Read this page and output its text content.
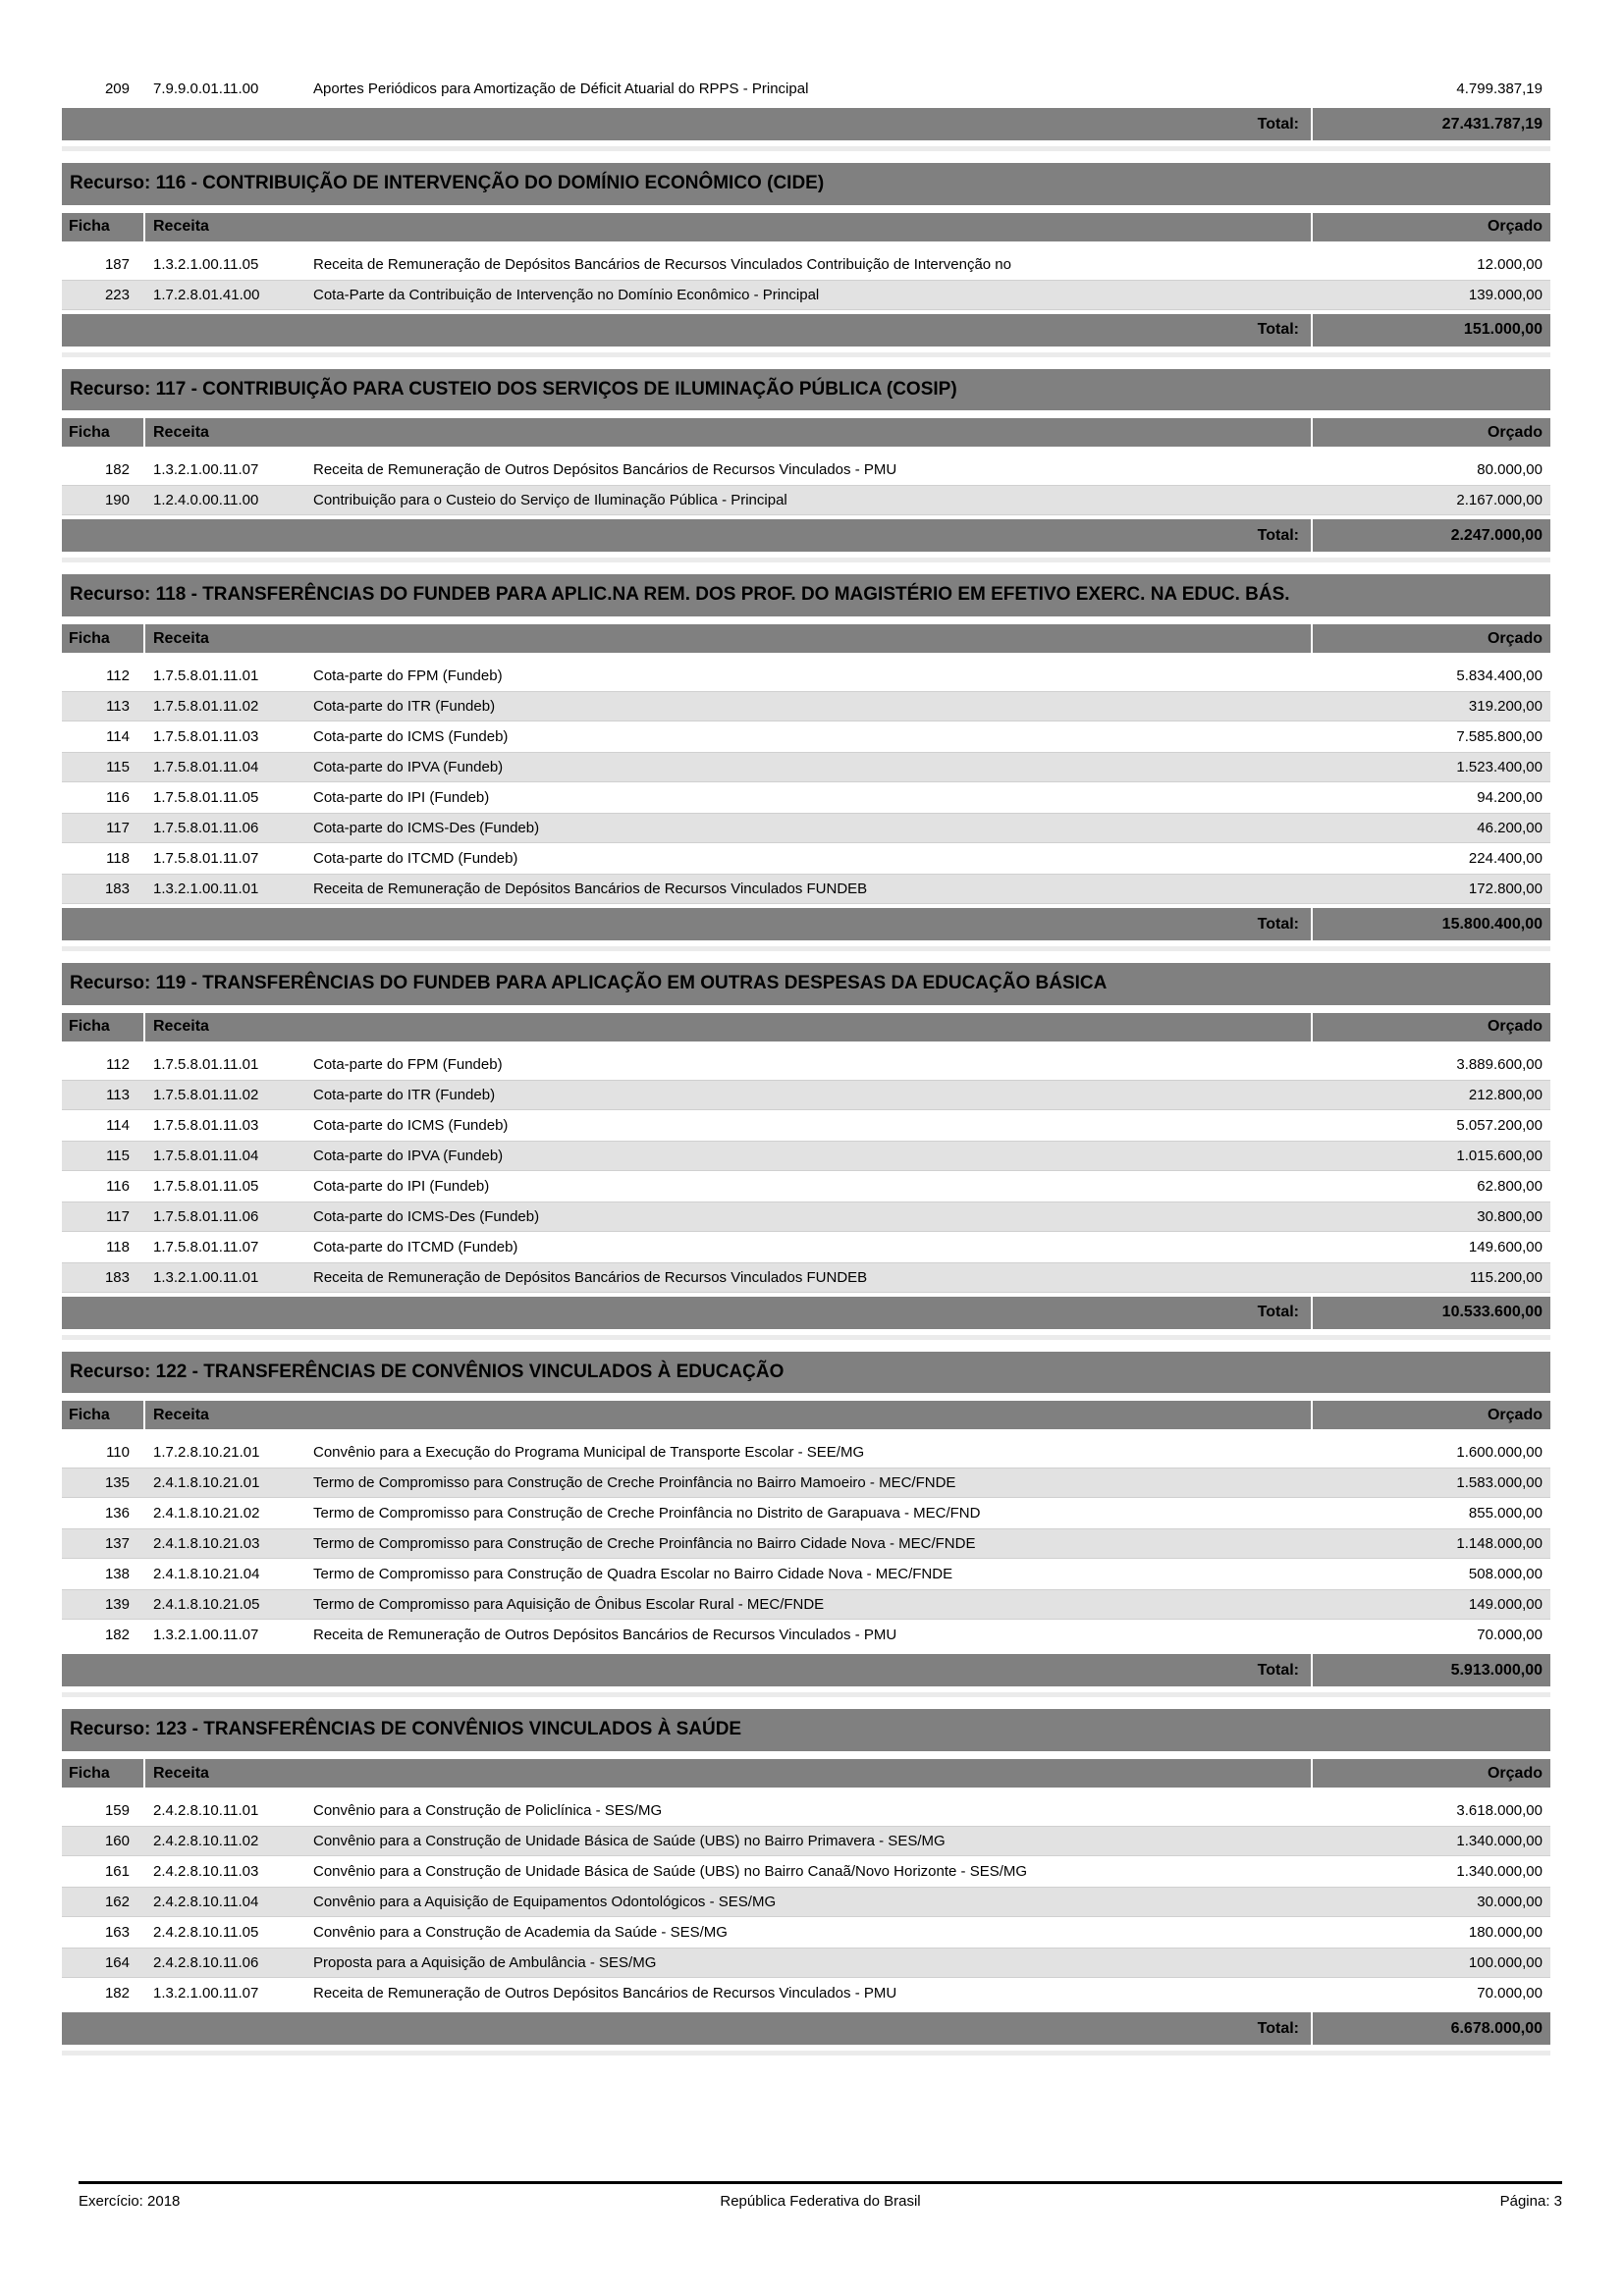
209	7.9.9.0.01.11.00	Aportes Periódicos para Amortização de Déficit Atuarial do RPPS - Principal	4.799.387,19
Total:	27.431.787,19
Recurso: 116 - CONTRIBUIÇÃO DE INTERVENÇÃO DO DOMÍNIO ECONÔMICO (CIDE)
Ficha	Receita	Orçado
187	1.3.2.1.00.11.05	Receita de Remuneração de Depósitos Bancários de Recursos Vinculados Contribuição de Intervenção no	12.000,00
223	1.7.2.8.01.41.00	Cota-Parte da Contribuição de Intervenção no Domínio Econômico - Principal	139.000,00
Total:	151.000,00
Recurso: 117 - CONTRIBUIÇÃO PARA CUSTEIO DOS SERVIÇOS DE ILUMINAÇÃO PÚBLICA (COSIP)
Ficha	Receita	Orçado
182	1.3.2.1.00.11.07	Receita de Remuneração de Outros Depósitos Bancários de Recursos Vinculados - PMU	80.000,00
190	1.2.4.0.00.11.00	Contribuição para o Custeio do Serviço de Iluminação Pública - Principal	2.167.000,00
Total:	2.247.000,00
Recurso: 118 - TRANSFERÊNCIAS DO FUNDEB PARA APLIC.NA REM. DOS PROF. DO MAGISTÉRIO EM EFETIVO EXERC. NA EDUC. BÁS.
Ficha	Receita	Orçado
112	1.7.5.8.01.11.01	Cota-parte do FPM (Fundeb)	5.834.400,00
113	1.7.5.8.01.11.02	Cota-parte do ITR (Fundeb)	319.200,00
114	1.7.5.8.01.11.03	Cota-parte do ICMS (Fundeb)	7.585.800,00
115	1.7.5.8.01.11.04	Cota-parte do IPVA (Fundeb)	1.523.400,00
116	1.7.5.8.01.11.05	Cota-parte do IPI (Fundeb)	94.200,00
117	1.7.5.8.01.11.06	Cota-parte do ICMS-Des (Fundeb)	46.200,00
118	1.7.5.8.01.11.07	Cota-parte do ITCMD (Fundeb)	224.400,00
183	1.3.2.1.00.11.01	Receita de Remuneração de Depósitos Bancários de Recursos Vinculados FUNDEB	172.800,00
Total:	15.800.400,00
Recurso: 119 - TRANSFERÊNCIAS DO FUNDEB PARA APLICAÇÃO EM OUTRAS DESPESAS DA EDUCAÇÃO BÁSICA
Ficha	Receita	Orçado
112	1.7.5.8.01.11.01	Cota-parte do FPM (Fundeb)	3.889.600,00
113	1.7.5.8.01.11.02	Cota-parte do ITR (Fundeb)	212.800,00
114	1.7.5.8.01.11.03	Cota-parte do ICMS (Fundeb)	5.057.200,00
115	1.7.5.8.01.11.04	Cota-parte do IPVA (Fundeb)	1.015.600,00
116	1.7.5.8.01.11.05	Cota-parte do IPI (Fundeb)	62.800,00
117	1.7.5.8.01.11.06	Cota-parte do ICMS-Des (Fundeb)	30.800,00
118	1.7.5.8.01.11.07	Cota-parte do ITCMD (Fundeb)	149.600,00
183	1.3.2.1.00.11.01	Receita de Remuneração de Depósitos Bancários de Recursos Vinculados FUNDEB	115.200,00
Total:	10.533.600,00
Recurso: 122 - TRANSFERÊNCIAS DE CONVÊNIOS VINCULADOS À EDUCAÇÃO
Ficha	Receita	Orçado
110	1.7.2.8.10.21.01	Convênio para a Execução do Programa Municipal de Transporte Escolar - SEE/MG	1.600.000,00
135	2.4.1.8.10.21.01	Termo de Compromisso para Construção de Creche Proinfância no Bairro Mamoeiro - MEC/FNDE	1.583.000,00
136	2.4.1.8.10.21.02	Termo de Compromisso para Construção de Creche Proinfância no Distrito de Garapuava - MEC/FND	855.000,00
137	2.4.1.8.10.21.03	Termo de Compromisso para Construção de Creche Proinfância no Bairro Cidade Nova - MEC/FNDE	1.148.000,00
138	2.4.1.8.10.21.04	Termo de Compromisso para Construção de Quadra Escolar no Bairro Cidade Nova - MEC/FNDE	508.000,00
139	2.4.1.8.10.21.05	Termo de Compromisso para Aquisição de Ônibus Escolar Rural - MEC/FNDE	149.000,00
182	1.3.2.1.00.11.07	Receita de Remuneração de Outros Depósitos Bancários de Recursos Vinculados - PMU	70.000,00
Total:	5.913.000,00
Recurso: 123 - TRANSFERÊNCIAS DE CONVÊNIOS VINCULADOS À SAÚDE
Ficha	Receita	Orçado
159	2.4.2.8.10.11.01	Convênio para a Construção de Policlínica - SES/MG	3.618.000,00
160	2.4.2.8.10.11.02	Convênio para a Construção de Unidade Básica de Saúde (UBS) no Bairro Primavera - SES/MG	1.340.000,00
161	2.4.2.8.10.11.03	Convênio para a Construção de Unidade Básica de Saúde (UBS) no Bairro Canaã/Novo Horizonte - SES/MG	1.340.000,00
162	2.4.2.8.10.11.04	Convênio para a Aquisição de Equipamentos Odontológicos - SES/MG	30.000,00
163	2.4.2.8.10.11.05	Convênio para a Construção de Academia da Saúde - SES/MG	180.000,00
164	2.4.2.8.10.11.06	Proposta para a Aquisição de Ambulância - SES/MG	100.000,00
182	1.3.2.1.00.11.07	Receita de Remuneração de Outros Depósitos Bancários de Recursos Vinculados - PMU	70.000,00
Total:	6.678.000,00
Exercício: 2018	República Federativa do Brasil	Página: 3
